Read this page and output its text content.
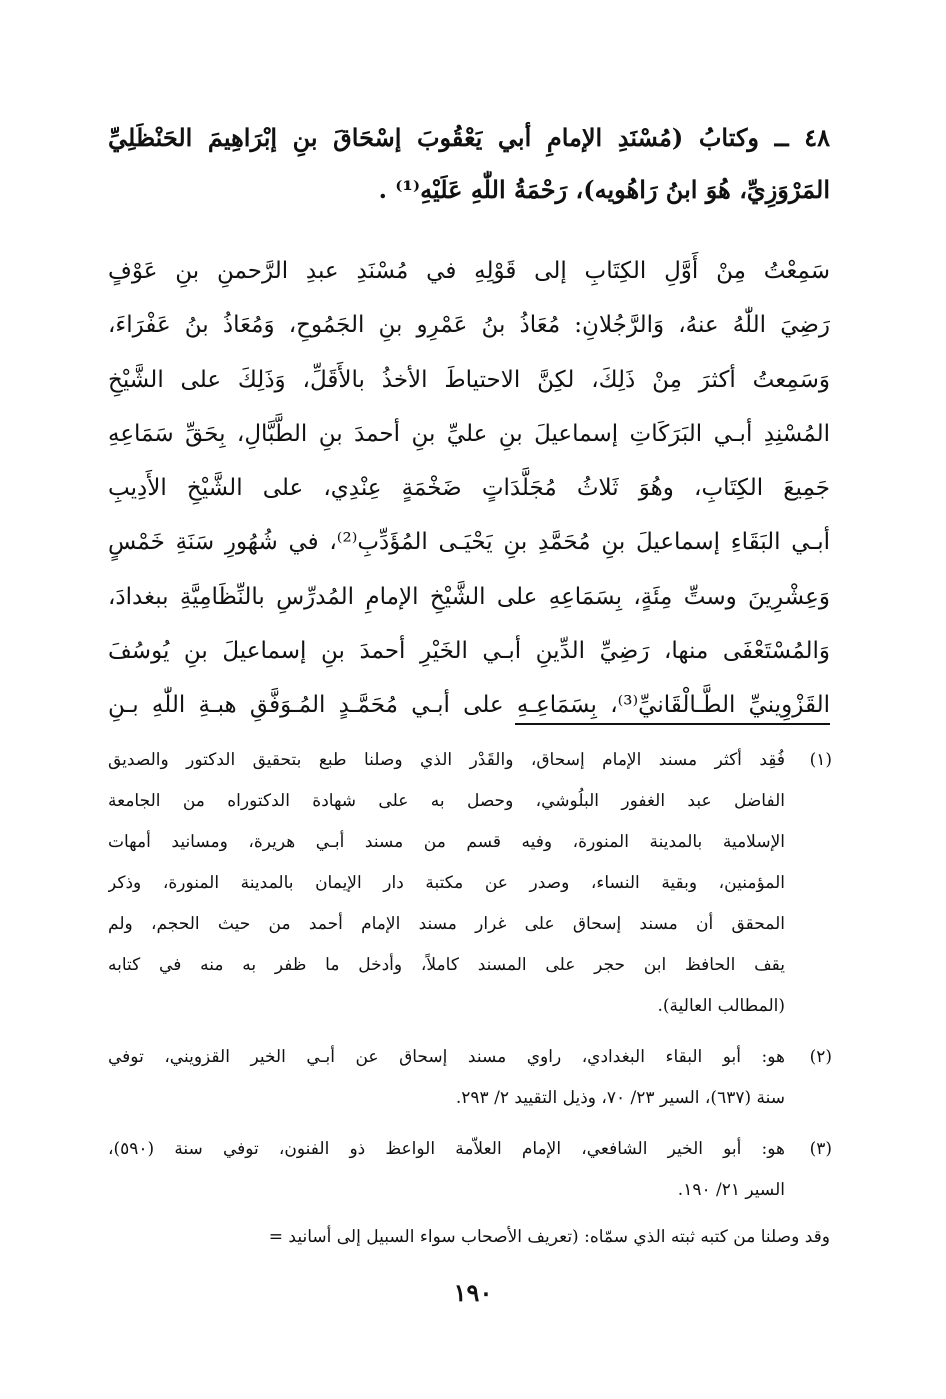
٤٨ ــ وكتابُ (مُسْنَدِ الإمامِ أبي يَعْقُوبَ إسْحَاقَ بنِ إبْرَاهِيمَ الحَنْظَلِيِّ
المَرْوَزِيِّ، هُوَ ابنُ رَاهُويه)، رَحْمَةُ اللّٰهِ عَلَيْهِ⁽¹⁾ .
سَمِعْتُ مِنْ أَوَّلِ الكِتَابِ إلى قَوْلِهِ في مُسْنَدِ عبدِ الرَّحمنِ بنِ عَوْفٍ
رَضِيَ اللّٰهُ عنهُ، وَالرَّجُلانِ: مُعَاذُ بنُ عَمْرِو بنِ الجَمُوحِ، وَمُعَاذُ بنُ عَفْرَاءَ،
وَسَمِعتُ أكثرَ مِنْ ذَلِكَ، لكِنَّ الاحتياطَ الأخذُ بالأَقَلِّ، وَذَلِكَ على الشَّيْخِ
المُسْنِدِ أبـي البَرَكَاتِ إسماعيلَ بنِ عليِّ بنِ أحمدَ بنِ الطَّبَّالِ، بِحَقِّ سَمَاعِهِ
جَمِيعَ الكِتَابِ، وهُوَ ثَلاثُ مُجَلَّدَاتٍ ضَخْمَةٍ عِنْدِي، على الشَّيْخِ الأَدِيبِ
أبـي البَقَاءِ إسماعيلَ بنِ مُحَمَّدِ بنِ يَحْيَـى المُؤَدِّبِ⁽²⁾، في شُهُورِ سَنَةِ خَمْسٍ
وَعِشْرِينَ وستِّ مِئَةٍ، بِسَمَاعِهِ على الشَّيْخِ الإمامِ المُدرِّسِ بالنِّظَامِيَّةِ ببغدادَ،
وَالمُسْتَعْفَى منها، رَضِيِّ الدِّينِ أبـي الخَيْرِ أحمدَ بنِ إسماعيلَ بنِ يُوسُفَ
القَزْوِينيِّ الطَّـالْقَانيِّ⁽³⁾، بِسَمَاعِـهِ على أبـي مُحَمَّـدٍ المُـوَفَّقِ هبـةِ اللّٰهِ بـنِ
(١)
فُقِد أكثر مسند الإمام إسحاق، والقَدْر الذي وصلنا طبع بتحقيق الدكتور والصديق
الفاضل عبد الغفور البلُوشي، وحصل به على شهادة الدكتوراه من الجامعة
الإسلامية بالمدينة المنورة، وفيه قسم من مسند أبـي هريرة، ومسانيد أمهات
المؤمنين، وبقية النساء، وصدر عن مكتبة دار الإيمان بالمدينة المنورة، وذكر
المحقق أن مسند إسحاق على غرار مسند الإمام أحمد من حيث الحجم، ولم
يقف الحافظ ابن حجر على المسند كاملاً، وأدخل ما ظفر به منه في كتابه
(المطالب العالية).
(٢)
هو: أبو البقاء البغدادي، راوي مسند إسحاق عن أبـي الخير القزويني، توفي
سنة (٦٣٧)، السير ٢٣/ ٧٠، وذيل التقييد ٢/ ٢٩٣.
(٣)
هو: أبو الخير الشافعي، الإمام العلاّمة الواعظ ذو الفنون، توفي سنة (٥٩٠)،
السير ٢١/ ١٩٠.
وقد وصلنا من كتبه ثبته الذي سمّاه: (تعريف الأصحاب سواء السبيل إلى أسانيد =
١٩٠
